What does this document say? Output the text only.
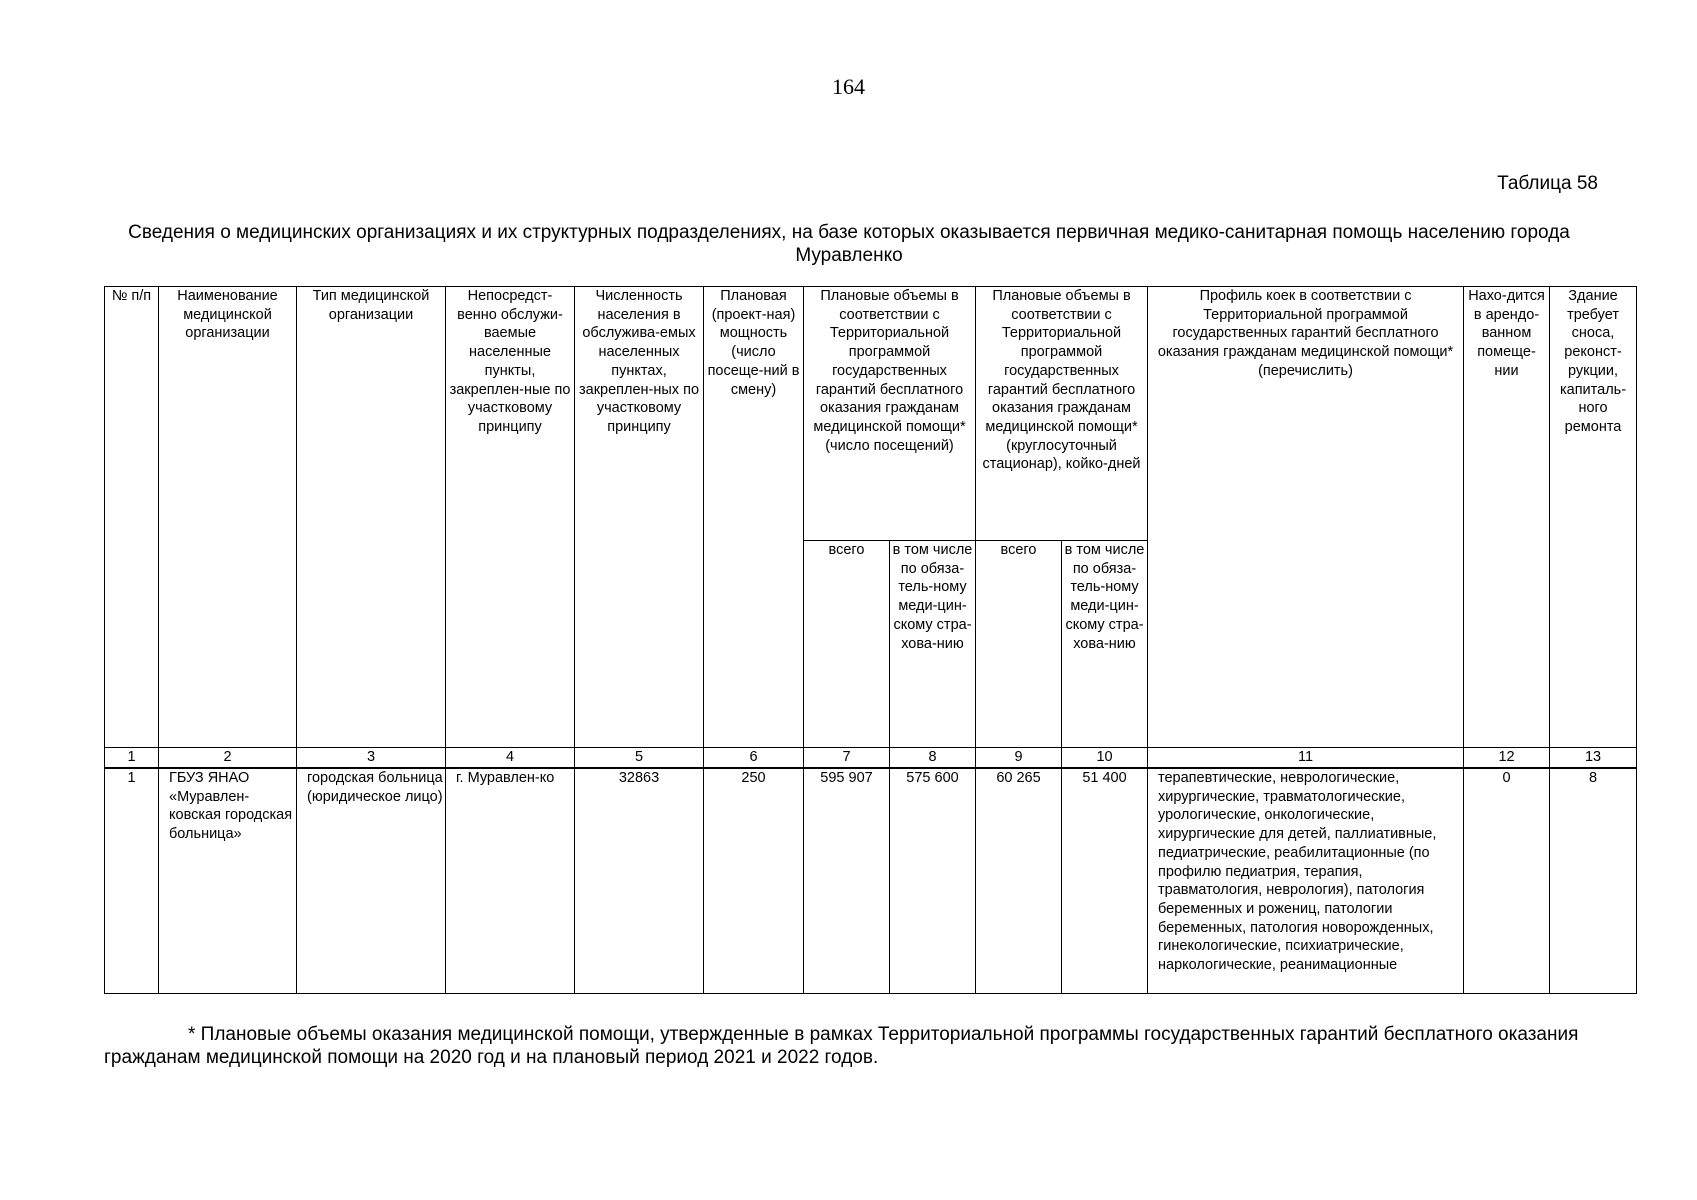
164
Таблица 58
Сведения о медицинских организациях и их структурных подразделениях, на базе которых оказывается первичная медико-санитарная помощь населению города Муравленко
№ п/п	Наименование медицинской организации	Тип медицинской организации	Непосредст-венно обслужи-ваемые населенные пункты, закреплен-ные по участковому принципу	Численность населения в обслужива-емых населенных пунктах, закреплен-ных по участковому принципу	Плановая (проект-ная) мощность (число посеще-ний в смену)	Плановые объемы в соответствии с Территориальной программой государственных гарантий бесплатного оказания гражданам медицинской помощи* (число посещений)		Плановые объемы в соответствии с Территориальной программой государственных гарантий бесплатного оказания гражданам медицинской помощи* (круглосуточный стационар), койко-дней		Профиль коек в соответствии с Территориальной программой государственных гарантий бесплатного оказания гражданам медицинской помощи* (перечислить)	Нахо-дится в арендо-ванном помеще-нии	Здание требует сноса, реконст-рукции, капиталь-ного ремонта
						всего	в том числе по обяза-тель-ному меди-цин-скому стра-хова-нию	всего	в том числе по обяза-тель-ному меди-цин-скому стра-хова-нию			
1	2	3	4	5	6	7	8	9	10	11	12	13
1	ГБУЗ ЯНАО «Муравлен-ковская городская больница»	городская больница (юридическое лицо)	г. Муравлен-ко	32863	250	595 907	575 600	60 265	51 400	терапевтические, неврологические, хирургические, травматологические, урологические, онкологические, хирургические для детей, паллиативные, педиатрические, реабилитационные (по профилю педиатрия, терапия, травматология, неврология), патология беременных и рожениц, патологии беременных, патология новорожденных, гинекологические, психиатрические, наркологические, реанимационные	0	8
* Плановые объемы оказания медицинской помощи, утвержденные в рамках Территориальной программы государственных гарантий бесплатного оказания гражданам медицинской помощи на 2020 год и на плановый период 2021 и 2022 годов.
